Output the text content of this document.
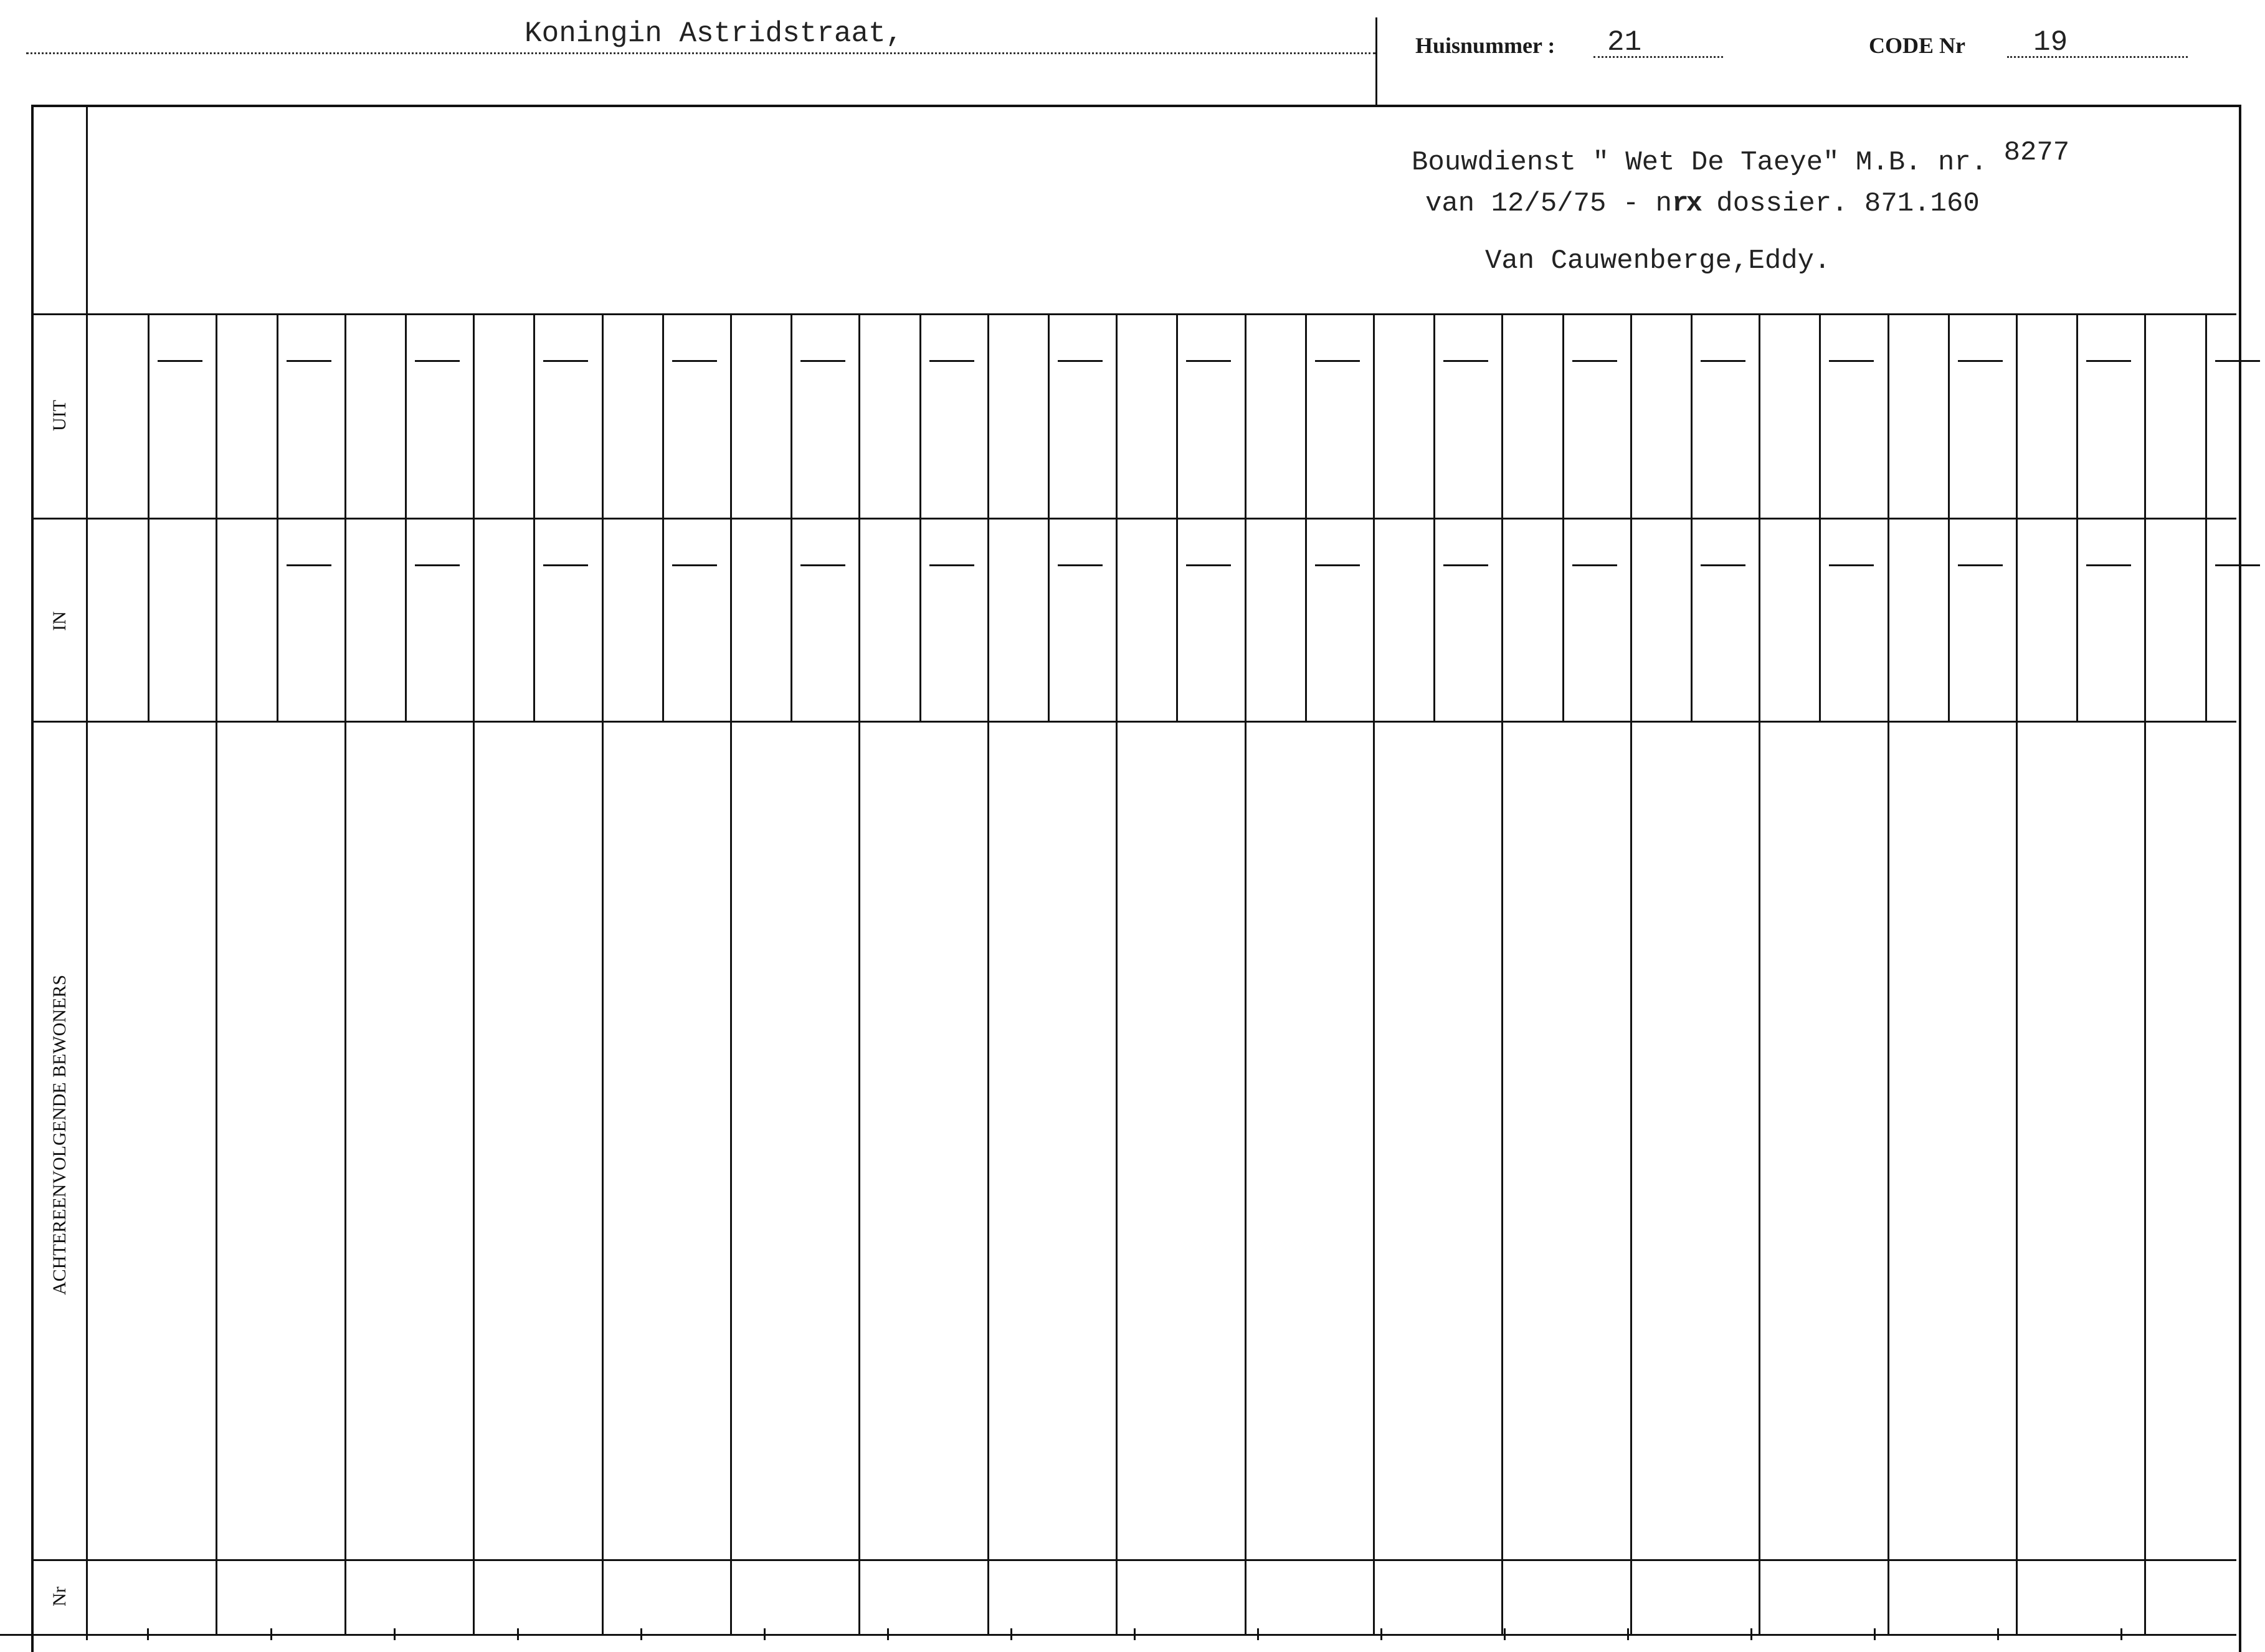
Koningin Astridstraat,	Huisnummer : 21	CODE Nr 19
Bouwdienst " Wet De Taeye" M.B. nr. 8277
van 12/5/75 - nrx dossier. 871.160
Van Cauwenberge,Eddy.
UIT
IN
ACHTEREENVOLGENDE BEWONERS
Nr
